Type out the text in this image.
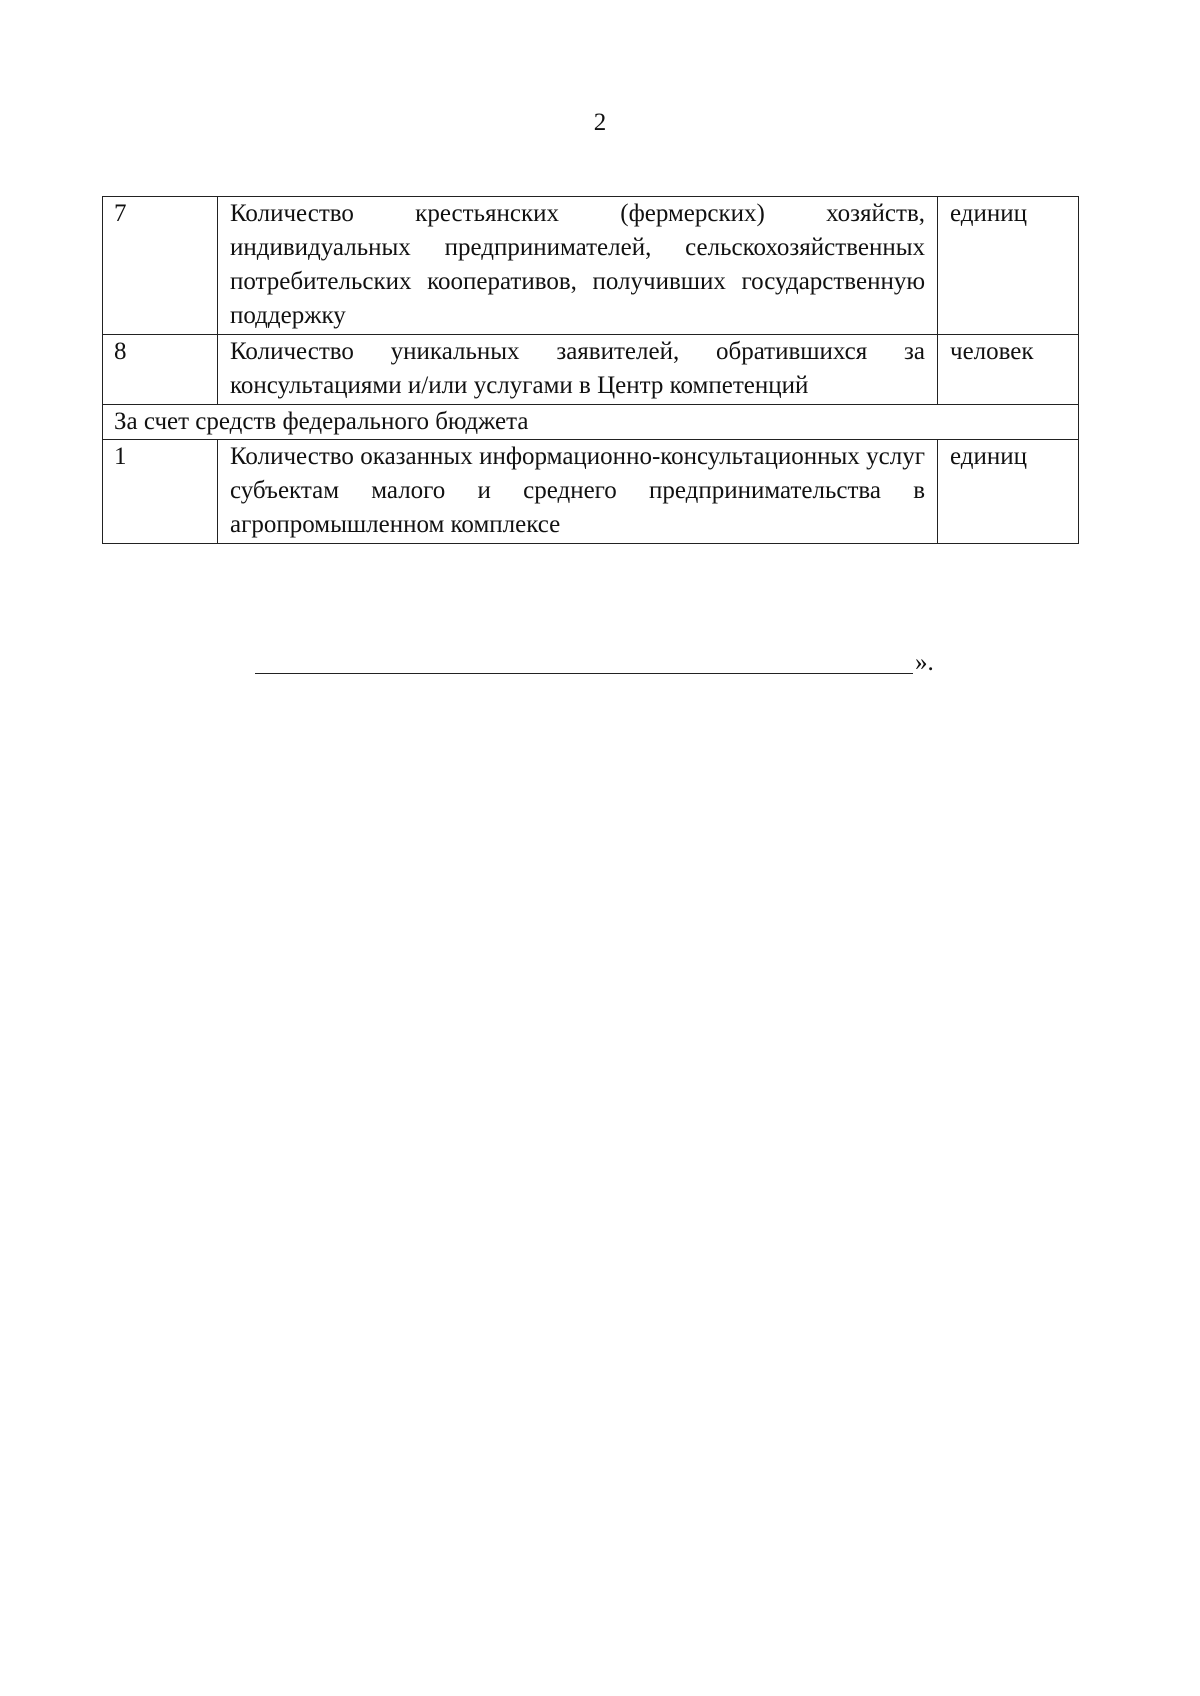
2
7	Количество крестьянских (фермерских) хозяйств, индивидуальных предпринимателей, сельскохозяйственных потребительских кооперативов, получивших государственную поддержку	единиц
8	Количество уникальных заявителей, обратившихся за консультациями и/или услугами в Центр компетенций	человек
За счет средств федерального бюджета		
1	Количество оказанных информационно-консультационных услуг субъектам малого и среднего предпринимательства в агропромышленном комплексе	единиц
».
